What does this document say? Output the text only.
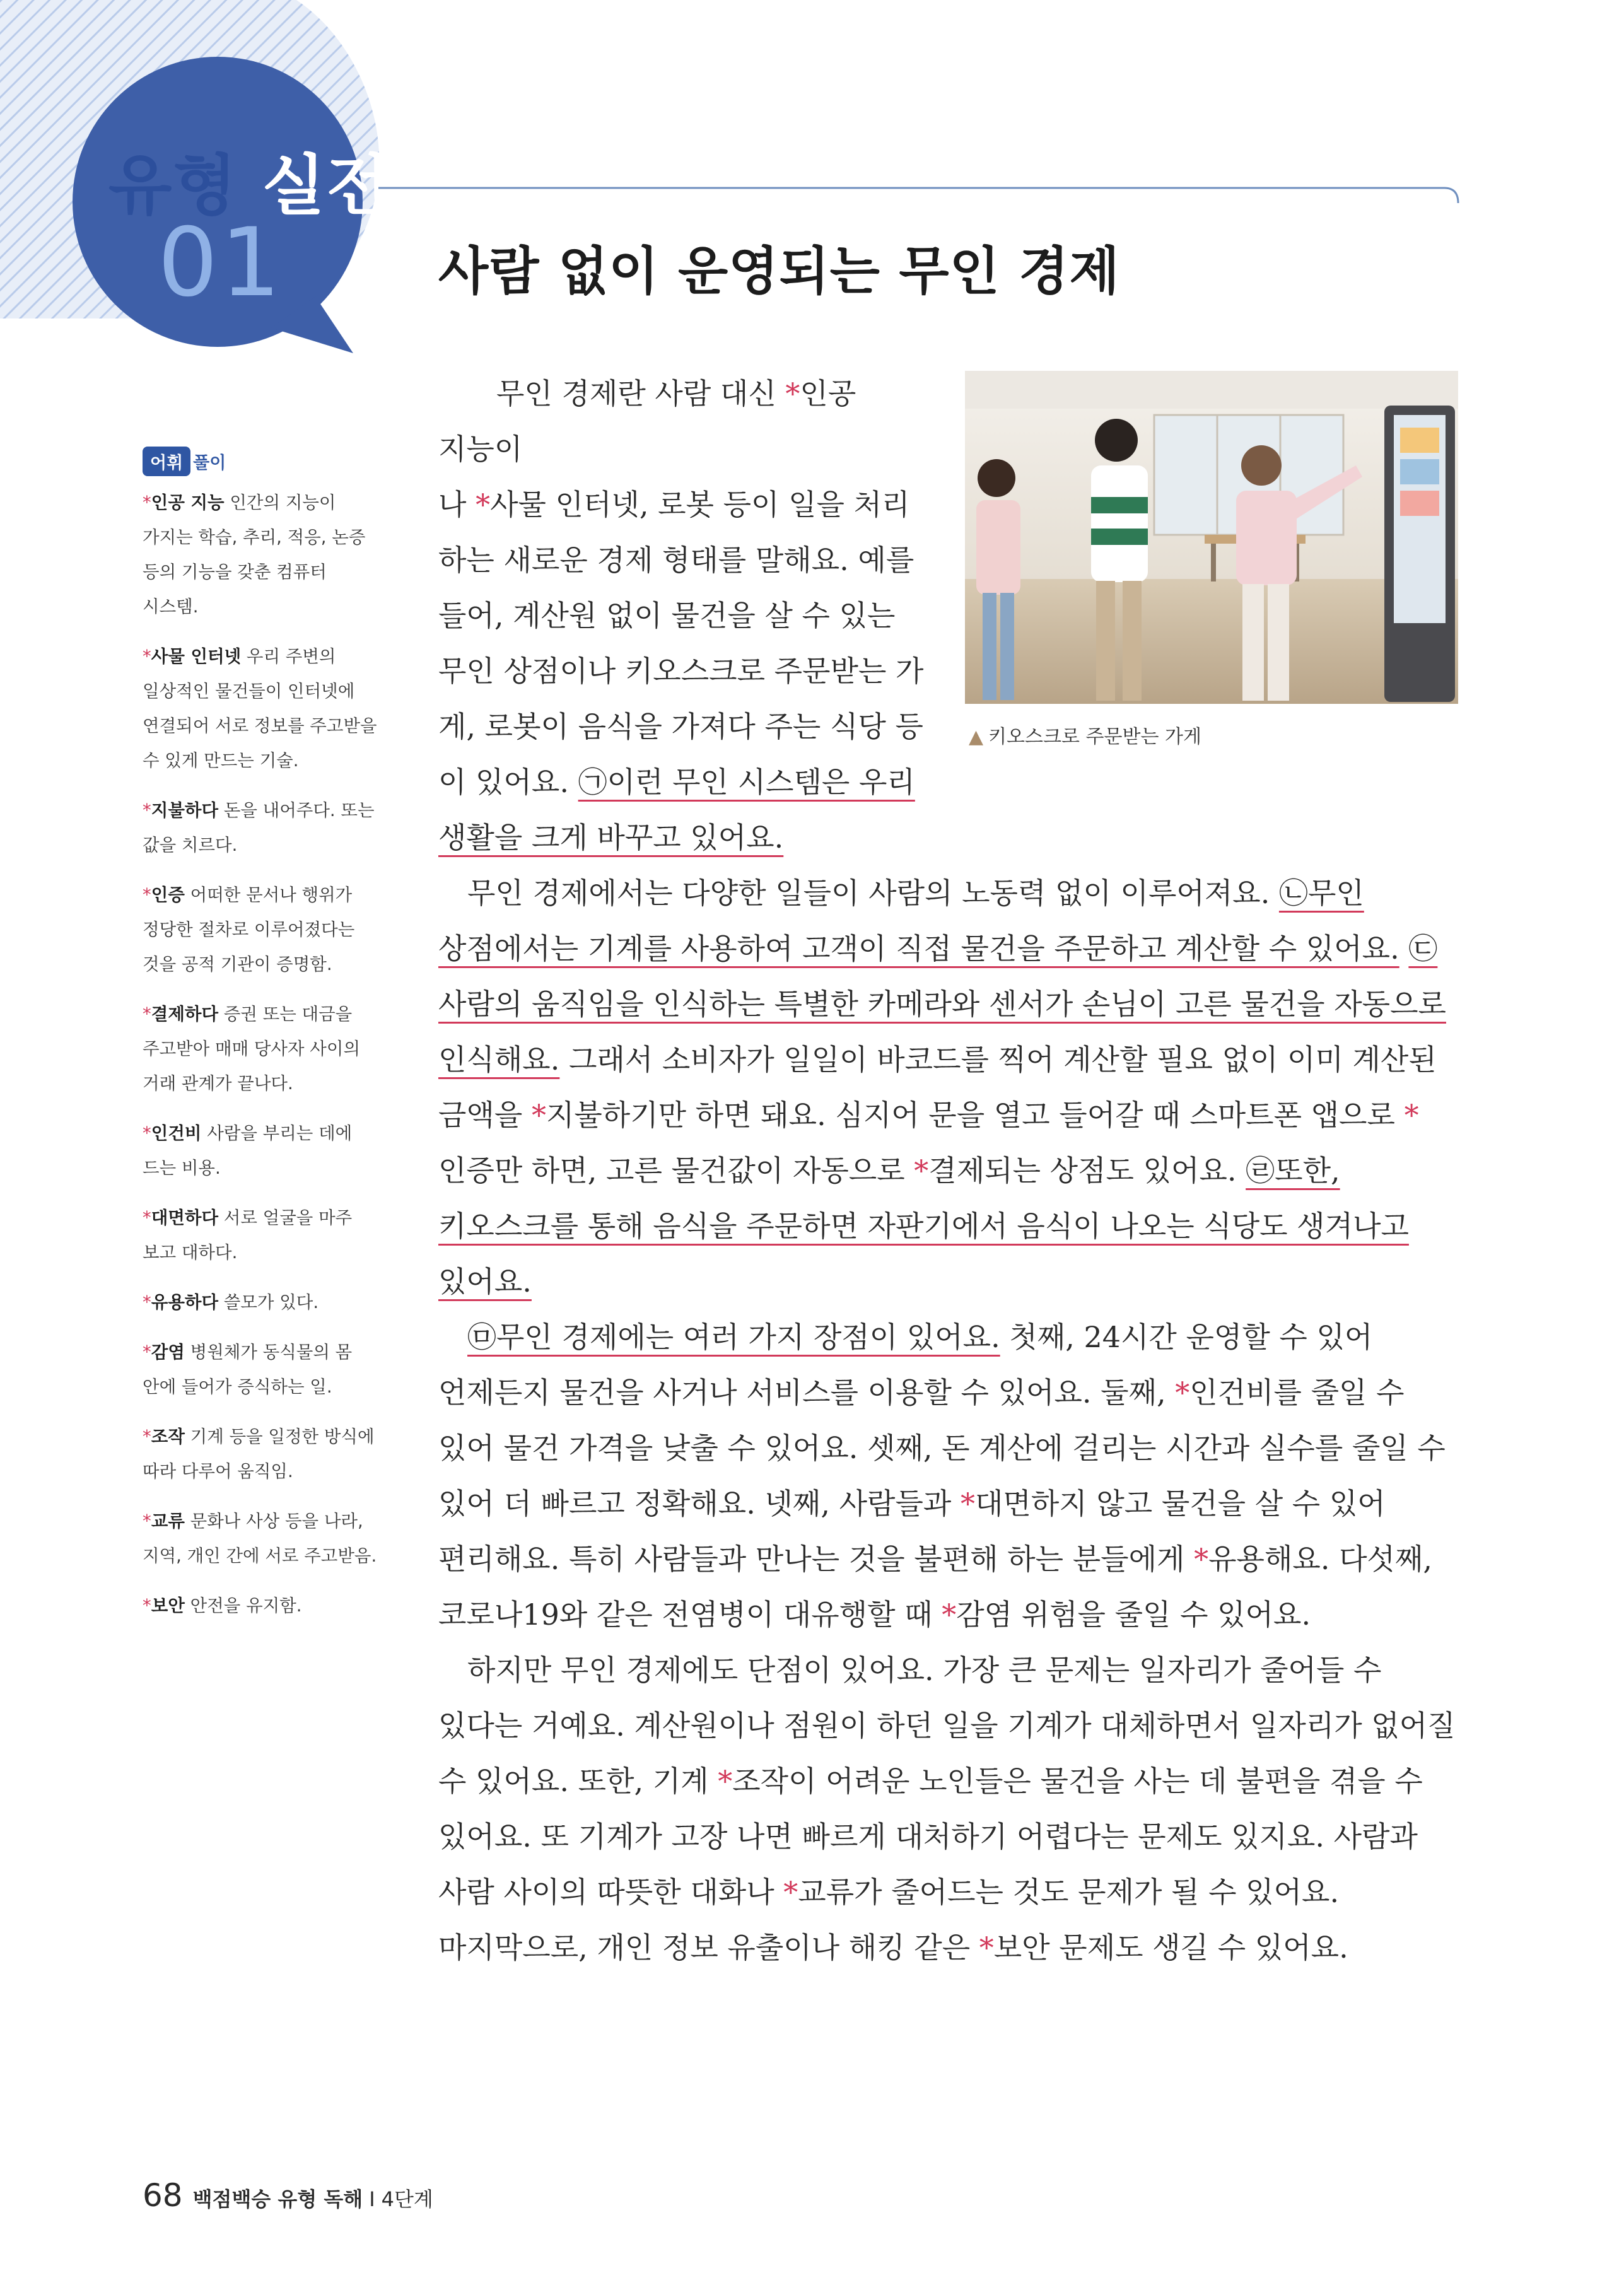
유형 실전
01	사람 없이 운영되는 무인 경제
어휘 풀이
*인공 지능 인간의 지능이 가지는 학습, 추리, 적응, 논증 등의 기능을 갖춘 컴퓨터 시스템.
*사물 인터넷 우리 주변의 일상적인 물건들이 인터넷에 연결되어 서로 정보를 주고받을 수 있게 만드는 기술.
*지불하다 돈을 내어주다. 또는 값을 치르다.
*인증 어떠한 문서나 행위가 정당한 절차로 이루어졌다는 것을 공적 기관이 증명함.
*결제하다 증권 또는 대금을 주고받아 매매 당사자 사이의 거래 관계가 끝나다.
*인건비 사람을 부리는 데에 드는 비용.
*대면하다 서로 얼굴을 마주 보고 대하다.
*유용하다 쓸모가 있다.
*감염 병원체가 동식물의 몸 안에 들어가 증식하는 일.
*조작 기계 등을 일정한 방식에 따라 다루어 움직임.
*교류 문화나 사상 등을 나라, 지역, 개인 간에 서로 주고받음.
*보안 안전을 유지함.
▲ 키오스크로 주문받는 가게
무인 경제란 사람 대신 *인공 지능이
나 *사물 인터넷, 로봇 등이 일을 처리
하는 새로운 경제 형태를 말해요. 예를
들어, 계산원 없이 물건을 살 수 있는
무인 상점이나 키오스크로 주문받는 가
게, 로봇이 음식을 가져다 주는 식당 등
이 있어요. ㉠이런 무인 시스템은 우리
생활을 크게 바꾸고 있어요.

무인 경제에서는 다양한 일들이 사람의 노동력 없이 이루어져요. ㉡무인 상점에서는 기계를 사용하여 고객이 직접 물건을 주문하고 계산할 수 있어요. ㉢사람의 움직임을 인식하는 특별한 카메라와 센서가 손님이 고른 물건을 자동으로 인식해요. 그래서 소비자가 일일이 바코드를 찍어 계산할 필요 없이 이미 계산된 금액을 *지불하기만 하면 돼요. 심지어 문을 열고 들어갈 때 스마트폰 앱으로 *인증만 하면, 고른 물건값이 자동으로 *결제되는 상점도 있어요. ㉣또한, 키오스크를 통해 음식을 주문하면 자판기에서 음식이 나오는 식당도 생겨나고 있어요.

㉤무인 경제에는 여러 가지 장점이 있어요. 첫째, 24시간 운영할 수 있어 언제든지 물건을 사거나 서비스를 이용할 수 있어요. 둘째, *인건비를 줄일 수 있어 물건 가격을 낮출 수 있어요. 셋째, 돈 계산에 걸리는 시간과 실수를 줄일 수 있어 더 빠르고 정확해요. 넷째, 사람들과 *대면하지 않고 물건을 살 수 있어 편리해요. 특히 사람들과 만나는 것을 불편해 하는 분들에게 *유용해요. 다섯째, 코로나19와 같은 전염병이 대유행할 때 *감염 위험을 줄일 수 있어요.

하지만 무인 경제에도 단점이 있어요. 가장 큰 문제는 일자리가 줄어들 수 있다는 거예요. 계산원이나 점원이 하던 일을 기계가 대체하면서 일자리가 없어질 수 있어요. 또한, 기계 *조작이 어려운 노인들은 물건을 사는 데 불편을 겪을 수 있어요. 또 기계가 고장 나면 빠르게 대처하기 어렵다는 문제도 있지요. 사람과 사람 사이의 따뜻한 대화나 *교류가 줄어드는 것도 문제가 될 수 있어요. 마지막으로, 개인 정보 유출이나 해킹 같은 *보안 문제도 생길 수 있어요.

68 백점백승 유형 독해 I 4단계
